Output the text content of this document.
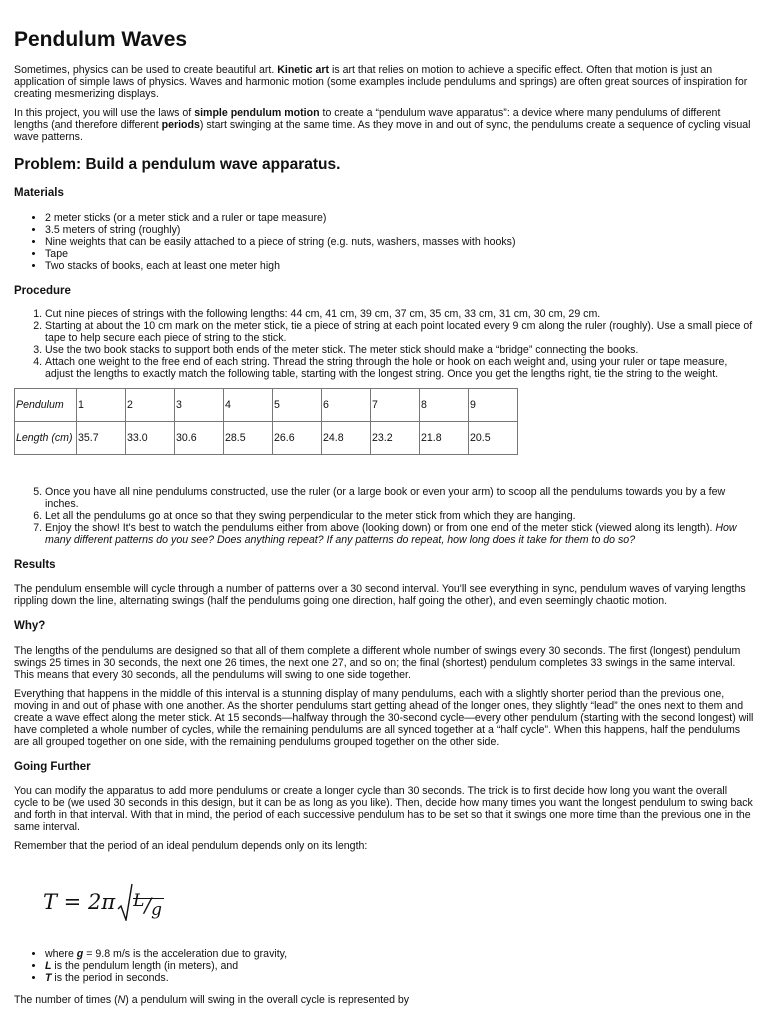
Pendulum Waves

Sometimes, physics can be used to create beautiful art. Kinetic art is art that relies on motion to achieve a specific effect. Often that motion is just an application of simple laws of physics. Waves and harmonic motion (some examples include pendulums and springs) are often great sources of inspiration for creating mesmerizing displays.

In this project, you will use the laws of simple pendulum motion to create a “pendulum wave apparatus”: a device where many pendulums of different lengths (and therefore different periods) start swinging at the same time. As they move in and out of sync, the pendulums create a sequence of cycling visual wave patterns.

Problem: Build a pendulum wave apparatus.
Materials
• 2 meter sticks (or a meter stick and a ruler or tape measure)
• 3.5 meters of string (roughly)
• Nine weights that can be easily attached to a piece of string (e.g. nuts, washers, masses with hooks)
• Tape
• Two stacks of books, each at least one meter high
Procedure
1. Cut nine pieces of strings with the following lengths: 44 cm, 41 cm, 39 cm, 37 cm, 35 cm, 33 cm, 31 cm, 30 cm, 29 cm.
2. Starting at about the 10 cm mark on the meter stick, tie a piece of string at each point located every 9 cm along the ruler (roughly). Use a small piece of tape to help secure each piece of string to the stick.
3. Use the two book stacks to support both ends of the meter stick. The meter stick should make a “bridge” connecting the books.
4. Attach one weight to the free end of each string. Thread the string through the hole or hook on each weight and, using your ruler or tape measure, adjust the lengths to exactly match the following table, starting with the longest string. Once you get the lengths right, tie the string to the weight.
Pendulum	1	2	3	4	5	6	7	8	9
Length (cm)	35.7	33.0	30.6	28.5	26.6	24.8	23.2	21.8	20.5
5. Once you have all nine pendulums constructed, use the ruler (or a large book or even your arm) to scoop all the pendulums towards you by a few inches.
6. Let all the pendulums go at once so that they swing perpendicular to the meter stick from which they are hanging.
7. Enjoy the show! It's best to watch the pendulums either from above (looking down) or from one end of the meter stick (viewed along its length). How many different patterns do you see? Does anything repeat? If any patterns do repeat, how long does it take for them to do so?
Results

The pendulum ensemble will cycle through a number of patterns over a 30 second interval. You'll see everything in sync, pendulum waves of varying lengths rippling down the line, alternating swings (half the pendulums going one direction, half going the other), and even seemingly chaotic motion.

Why?

The lengths of the pendulums are designed so that all of them complete a different whole number of swings every 30 seconds. The first (longest) pendulum swings 25 times in 30 seconds, the next one 26 times, the next one 27, and so on; the final (shortest) pendulum completes 33 swings in the same interval. This means that every 30 seconds, all the pendulums will swing to one side together.

Everything that happens in the middle of this interval is a stunning display of many pendulums, each with a slightly shorter period than the previous one, moving in and out of phase with one another. As the shorter pendulums start getting ahead of the longer ones, they slightly “lead” the ones next to them and create a wave effect along the meter stick. At 15 seconds—halfway through the 30-second cycle—every other pendulum (starting with the second longest) will have completed a whole number of cycles, while the remaining pendulums are all synced together at a “half cycle”. When this happens, half the pendulums are all grouped together on one side, with the remaining pendulums grouped together on the other side.

Going Further

You can modify the apparatus to add more pendulums or create a longer cycle than 30 seconds. The trick is to first decide how long you want the overall cycle to be (we used 30 seconds in this design, but it can be as long as you like). Then, decide how many times you want the longest pendulum to swing back and forth in that interval. With that in mind, the period of each successive pendulum has to be set so that it swings one more time than the previous one in the same interval.

Remember that the period of an ideal pendulum depends only on its length:

T = 2π $^L$/g
• where g = 9.8 m/s is the acceleration due to gravity,
• L is the pendulum length (in meters), and
• T is the period in seconds.

The number of times (N) a pendulum will swing in the overall cycle is represented by
